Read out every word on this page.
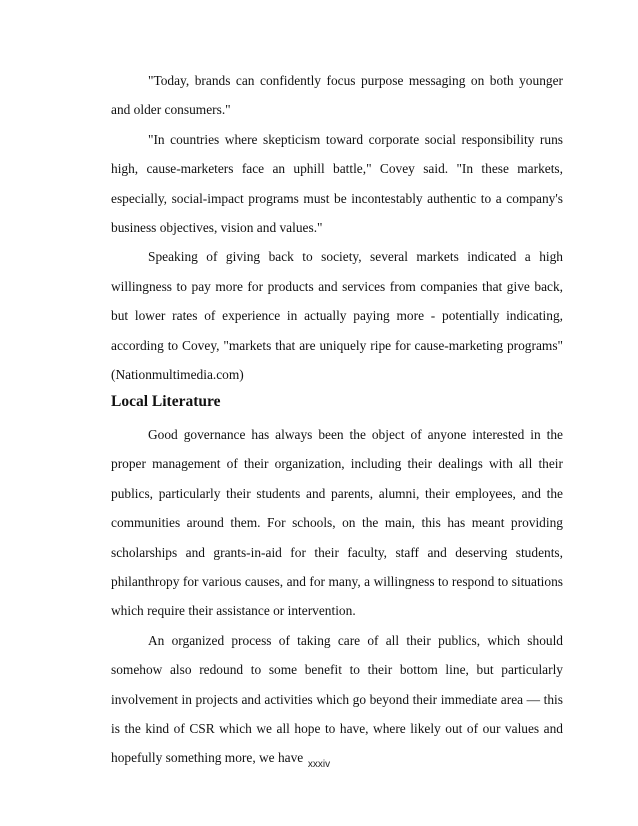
"Today, brands can confidently focus purpose messaging on both younger and older consumers."

"In countries where skepticism toward corporate social responsibility runs high, cause-marketers face an uphill battle," Covey said. "In these markets, especially, social-impact programs must be incontestably authentic to a company's business objectives, vision and values."

Speaking of giving back to society, several markets indicated a high willingness to pay more for products and services from companies that give back, but lower rates of experience in actually paying more - potentially indicating, according to Covey, "markets that are uniquely ripe for cause-marketing programs" (Nationmultimedia.com)

Local Literature

Good governance has always been the object of anyone interested in the proper management of their organization, including their dealings with all their publics, particularly their students and parents, alumni, their employees, and the communities around them. For schools, on the main, this has meant providing scholarships and grants-in-aid for their faculty, staff and deserving students, philanthropy for various causes, and for many, a willingness to respond to situations which require their assistance or intervention.

An organized process of taking care of all their publics, which should somehow also redound to some benefit to their bottom line, but particularly involvement in projects and activities which go beyond their immediate area — this is the kind of CSR which we all hope to have, where likely out of our values and hopefully something more, we have xxxiv
